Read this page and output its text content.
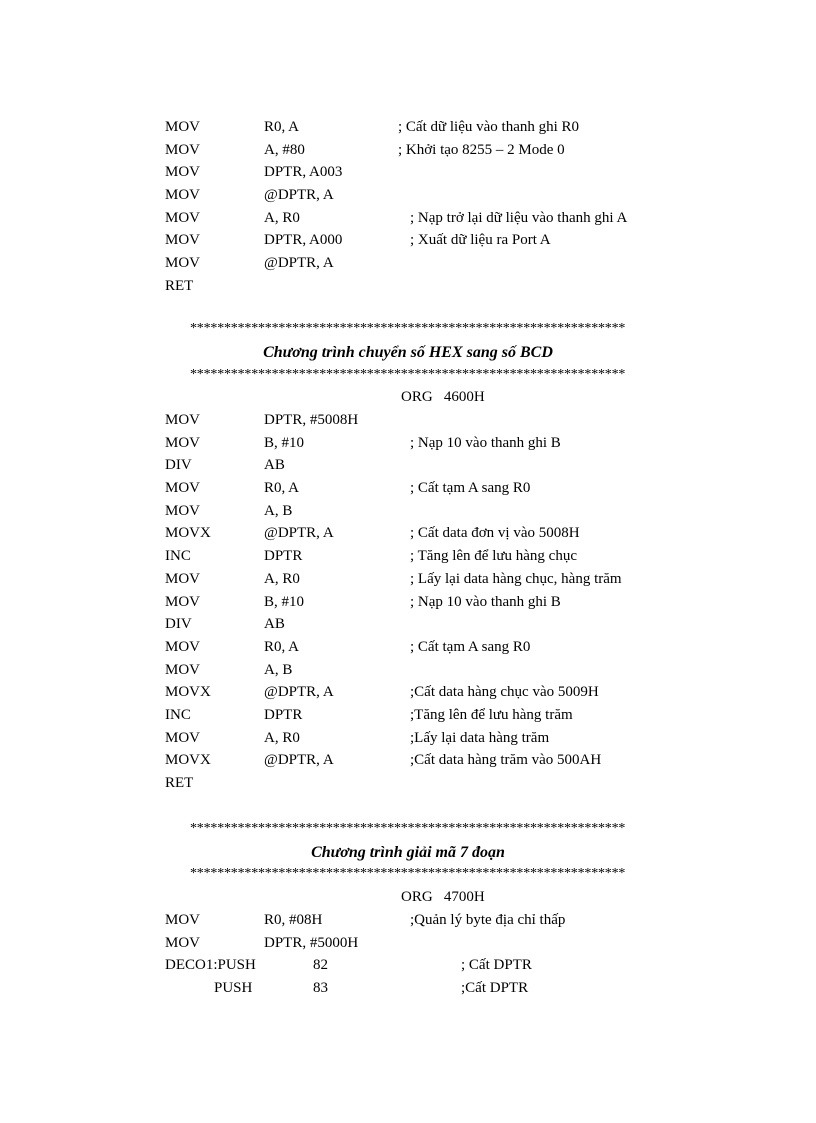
MOV	R0, A	; Cất dữ liệu vào thanh ghi R0
MOV	A, #80	; Khởi tạo 8255 – 2 Mode 0
MOV	DPTR, A003
MOV	@DPTR, A
MOV	A, R0	; Nạp trở lại dữ liệu vào thanh ghi A
MOV	DPTR, A000	; Xuất dữ liệu ra Port A
MOV	@DPTR, A
RET
****************************************************************
Chương trình chuyển số HEX sang số BCD
****************************************************************
ORG   4600H
MOV	DPTR, #5008H
MOV	B, #10	; Nạp 10 vào thanh ghi B
DIV	AB
MOV	R0, A	; Cất tạm A sang R0
MOV	A, B
MOVX	@DPTR, A	; Cất data đơn vị vào 5008H
INC	DPTR	; Tăng lên để lưu hàng chục
MOV	A, R0	; Lấy lại data hàng chục, hàng trăm
MOV	B, #10	; Nạp 10 vào thanh ghi B
DIV	AB
MOV	R0, A	; Cất tạm A sang R0
MOV	A, B
MOVX	@DPTR, A	;Cất data hàng chục vào 5009H
INC	DPTR	;Tăng lên để lưu hàng trăm
MOV	A, R0	;Lấy lại data hàng trăm
MOVX	@DPTR, A	;Cất data hàng trăm vào 500AH
RET
****************************************************************
Chương trình giải mã 7 đoạn
****************************************************************
ORG   4700H
MOV	R0, #08H	;Quản lý byte địa chỉ thấp
MOV	DPTR, #5000H
DECO1:PUSH	82	; Cất DPTR
PUSH	83	;Cất DPTR
